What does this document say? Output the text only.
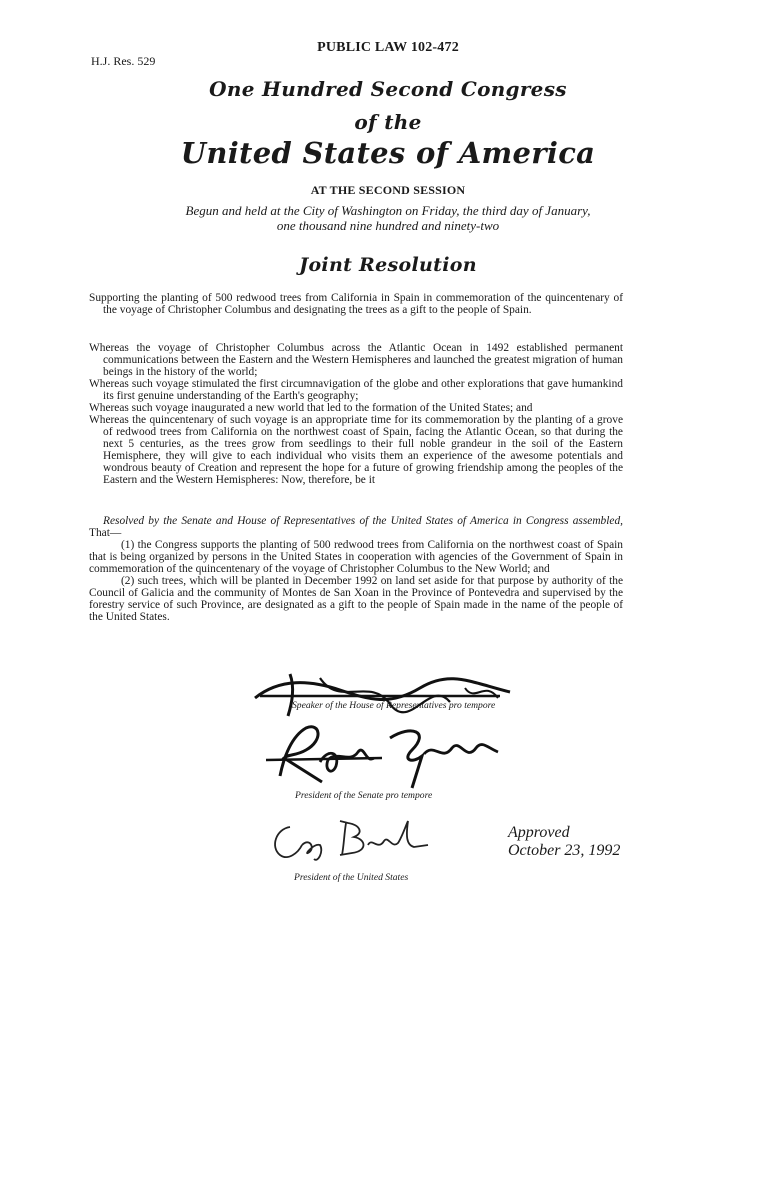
PUBLIC LAW 102-472
H.J. Res. 529
One Hundred Second Congress
of the
United States of America
AT THE SECOND SESSION
Begun and held at the City of Washington on Friday, the third day of January,
one thousand nine hundred and ninety-two
Joint Resolution

Supporting the planting of 500 redwood trees from California in Spain in commemoration of the quincentenary of the voyage of Christopher Columbus and designating the trees as a gift to the people of Spain.

Whereas the voyage of Christopher Columbus across the Atlantic Ocean in 1492 established permanent communications between the Eastern and the Western Hemispheres and launched the greatest migration of human beings in the history of the world;

Whereas such voyage stimulated the first circumnavigation of the globe and other explorations that gave humankind its first genuine understanding of the Earth's geography;

Whereas such voyage inaugurated a new world that led to the formation of the United States; and

Whereas the quincentenary of such voyage is an appropriate time for its commemoration by the planting of a grove of redwood trees from California on the northwest coast of Spain, facing the Atlantic Ocean, so that during the next 5 centuries, as the trees grow from seedlings to their full noble grandeur in the soil of the Eastern Hemisphere, they will give to each individual who visits them an experience of the awesome potentials and wondrous beauty of Creation and represent the hope for a future of growing friendship among the peoples of the Eastern and the Western Hemispheres: Now, therefore, be it

Resolved by the Senate and House of Representatives of the United States of America in Congress assembled, That—

(1) the Congress supports the planting of 500 redwood trees from California on the northwest coast of Spain that is being organized by persons in the United States in cooperation with agencies of the Government of Spain in commemoration of the quincentenary of the voyage of Christopher Columbus to the New World; and

(2) such trees, which will be planted in December 1992 on land set aside for that purpose by authority of the Council of Galicia and the community of Montes de San Xoan in the Province of Pontevedra and supervised by the forestry service of such Province, are designated as a gift to the people of Spain made in the name of the people of the United States.

Speaker of the House of Representatives pro tempore
President of the Senate pro tempore
President of the United States
Approved
October 23, 1992
